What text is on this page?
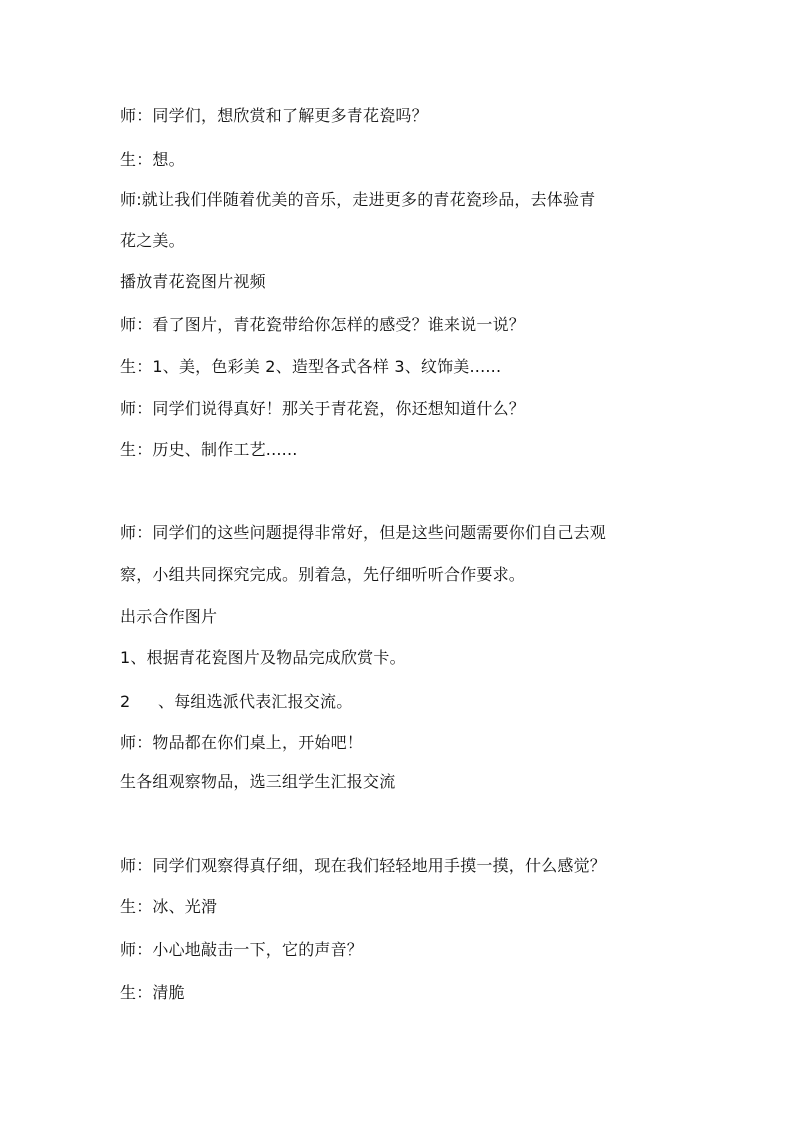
师：同学们，想欣赏和了解更多青花瓷吗？
生：想。
师:就让我们伴随着优美的音乐，走进更多的青花瓷珍品，去体验青
花之美。
播放青花瓷图片视频
师：看了图片，青花瓷带给你怎样的感受？谁来说一说？
生：1、美，色彩美 2、造型各式各样 3、纹饰美......
师：同学们说得真好！那关于青花瓷，你还想知道什么？
生：历史、制作工艺......
师：同学们的这些问题提得非常好，但是这些问题需要你们自己去观
察，小组共同探究完成。别着急，先仔细听听合作要求。
出示合作图片
1、根据青花瓷图片及物品完成欣赏卡。
2 、每组选派代表汇报交流。
师：物品都在你们桌上，开始吧！
生各组观察物品，选三组学生汇报交流
师：同学们观察得真仔细，现在我们轻轻地用手摸一摸，什么感觉？
生：冰、光滑
师：小心地敲击一下，它的声音？
生：清脆
